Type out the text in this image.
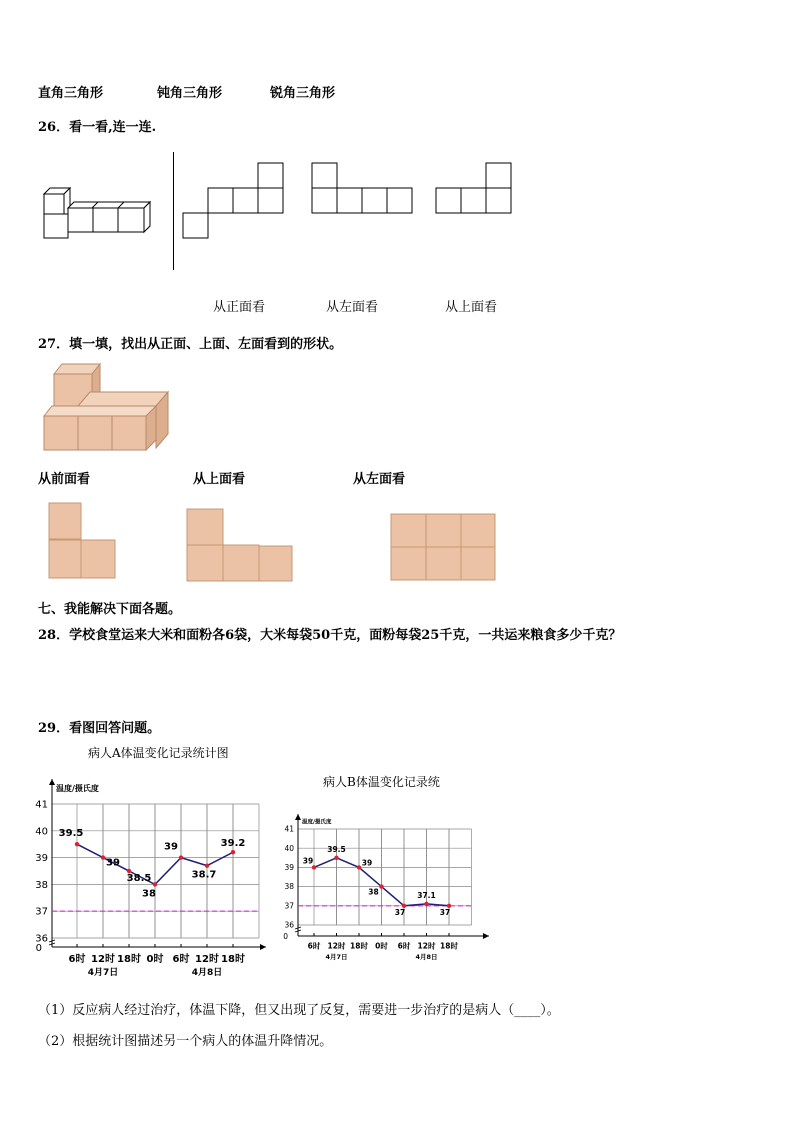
直角三角形	钝角三角形	锐角三角形
26．看一看,连一连.
从正面看	从左面看	从上面看
27．填一填，找出从正面、上面、左面看到的形状。
从前面看	从上面看	从左面看
七、我能解决下面各题。
28．学校食堂运来大米和面粉各6袋，大米每袋50千克，面粉每袋25千克，一共运来粮食多少千克？
29．看图回答问题。
病人A体温变化记录统计图
病人B体温变化记录统
41
40
39
38
37
36
0
温度/摄氏度
6时 12时 18时 0时 6时 12时 18时
4月7日	4月8日
39.5
39
38.5
38
39
38.7
39.2
41
40
39
38
37
36
0
温度/摄氏度
6时 12时 18时 0时 6时 12时 18时
4月7日	4月8日
39
39.5
39
38
37
37.1
37
（1）反应病人经过治疗，体温下降，但又出现了反复，需要进一步治疗的是病人（____）。
（2）根据统计图描述另一个病人的体温升降情况。
